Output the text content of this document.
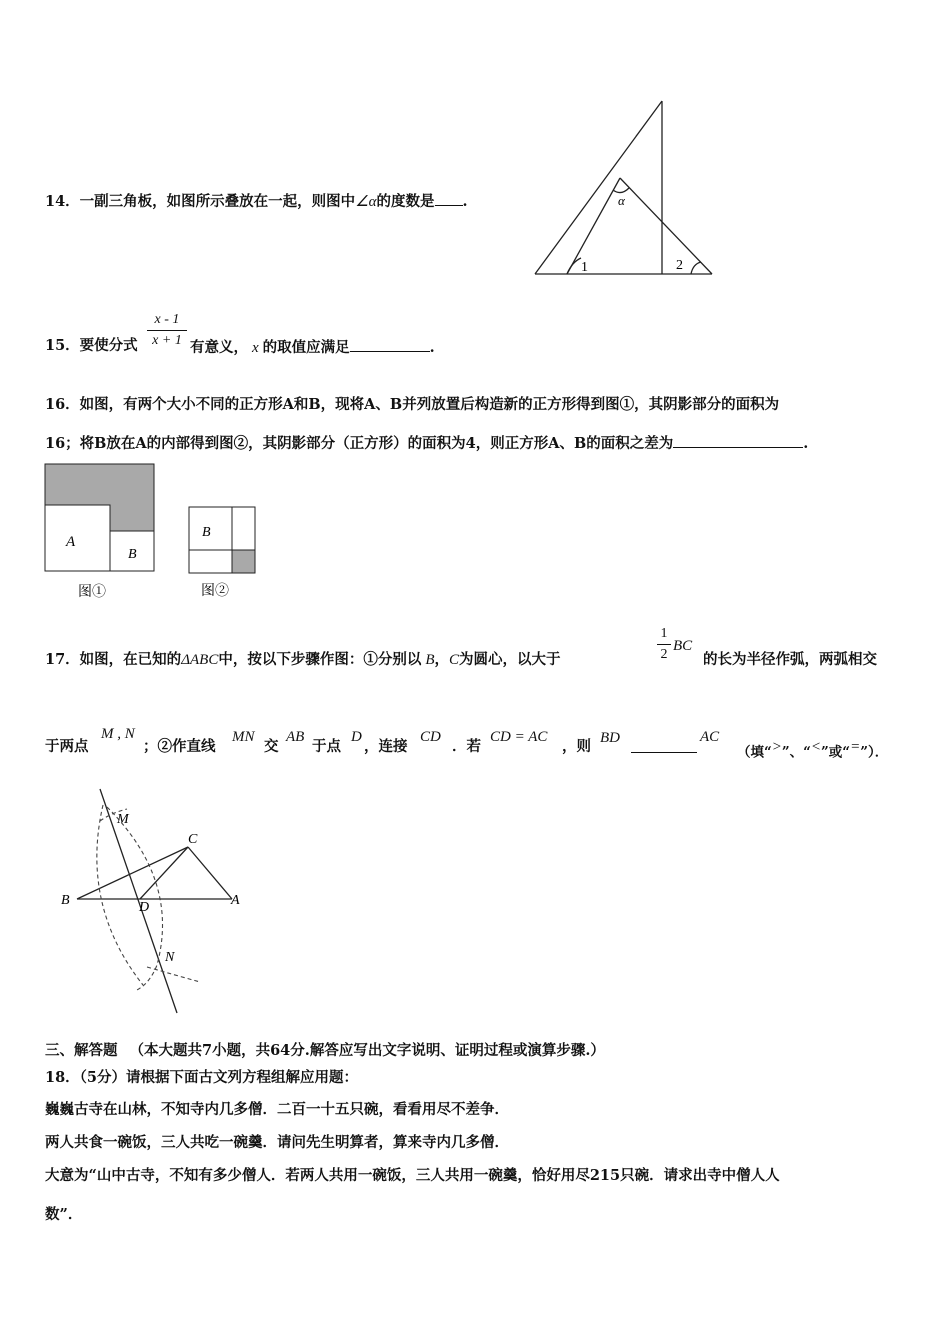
14．一副三角板，如图所示叠放在一起，则图中∠α的度数是 .	α
1	2
x - 1
x + 1
15．要使分式	有意义， x 的取值应满足	.
16．如图，有两个大小不同的正方形A和B，现将A、B并列放置后构造新的正方形得到图①，其阴影部分的面积为
16；将B放在A的内部得到图②，其阴影部分（正方形）的面积为4，则正方形A、B的面积之差为	.
A
B
图①
B
图②
17．如图，在已知的ΔABC中，按以下步骤作图：①分别以 B，C为圆心，以大于
1
2
BC
的长为半径作弧，两弧相交
于两点
M , N
；②作直线
MN
交
AB
于点
D
，连接
CD
．若
CD = AC
，则 BD	AC
（填“>”、“<”或“=”）．
M
C
B	D	A
N
三、解答题 （本大题共7小题，共64分.解答应写出文字说明、证明过程或演算步骤.）
18．（5分）请根据下面古文列方程组解应用题：
巍巍古寺在山林，不知寺内几多僧．二百一十五只碗，看看用尽不差争．
两人共食一碗饭，三人共吃一碗羹．请问先生明算者，算来寺内几多僧．
大意为“山中古寺，不知有多少僧人．若两人共用一碗饭，三人共用一碗羹，恰好用尽215只碗．请求出寺中僧人人
数”．
